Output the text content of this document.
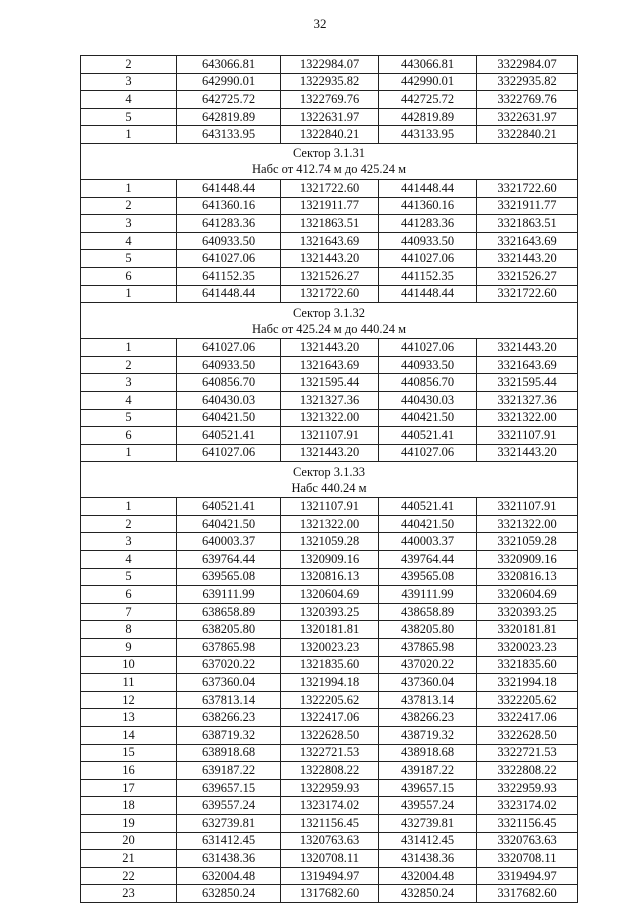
32
2	643066.81	1322984.07	443066.81	3322984.07
3	642990.01	1322935.82	442990.01	3322935.82
4	642725.72	1322769.76	442725.72	3322769.76
5	642819.89	1322631.97	442819.89	3322631.97
1	643133.95	1322840.21	443133.95	3322840.21

Сектор 3.1.31
Набс от 412.74 м до 425.24 м				

1	641448.44	1321722.60	441448.44	3321722.60
2	641360.16	1321911.77	441360.16	3321911.77
3	641283.36	1321863.51	441283.36	3321863.51
4	640933.50	1321643.69	440933.50	3321643.69
5	641027.06	1321443.20	441027.06	3321443.20
6	641152.35	1321526.27	441152.35	3321526.27
1	641448.44	1321722.60	441448.44	3321722.60

Сектор 3.1.32
Набс от 425.24 м до 440.24 м				

1	641027.06	1321443.20	441027.06	3321443.20
2	640933.50	1321643.69	440933.50	3321643.69
3	640856.70	1321595.44	440856.70	3321595.44
4	640430.03	1321327.36	440430.03	3321327.36
5	640421.50	1321322.00	440421.50	3321322.00
6	640521.41	1321107.91	440521.41	3321107.91
1	641027.06	1321443.20	441027.06	3321443.20

Сектор 3.1.33
Набс 440.24 м				

1	640521.41	1321107.91	440521.41	3321107.91
2	640421.50	1321322.00	440421.50	3321322.00
3	640003.37	1321059.28	440003.37	3321059.28
4	639764.44	1320909.16	439764.44	3320909.16
5	639565.08	1320816.13	439565.08	3320816.13
6	639111.99	1320604.69	439111.99	3320604.69
7	638658.89	1320393.25	438658.89	3320393.25
8	638205.80	1320181.81	438205.80	3320181.81
9	637865.98	1320023.23	437865.98	3320023.23
10	637020.22	1321835.60	437020.22	3321835.60
11	637360.04	1321994.18	437360.04	3321994.18
12	637813.14	1322205.62	437813.14	3322205.62
13	638266.23	1322417.06	438266.23	3322417.06
14	638719.32	1322628.50	438719.32	3322628.50
15	638918.68	1322721.53	438918.68	3322721.53
16	639187.22	1322808.22	439187.22	3322808.22
17	639657.15	1322959.93	439657.15	3322959.93
18	639557.24	1323174.02	439557.24	3323174.02
19	632739.81	1321156.45	432739.81	3321156.45
20	631412.45	1320763.63	431412.45	3320763.63
21	631438.36	1320708.11	431438.36	3320708.11
22	632004.48	1319494.97	432004.48	3319494.97
23	632850.24	1317682.60	432850.24	3317682.60
